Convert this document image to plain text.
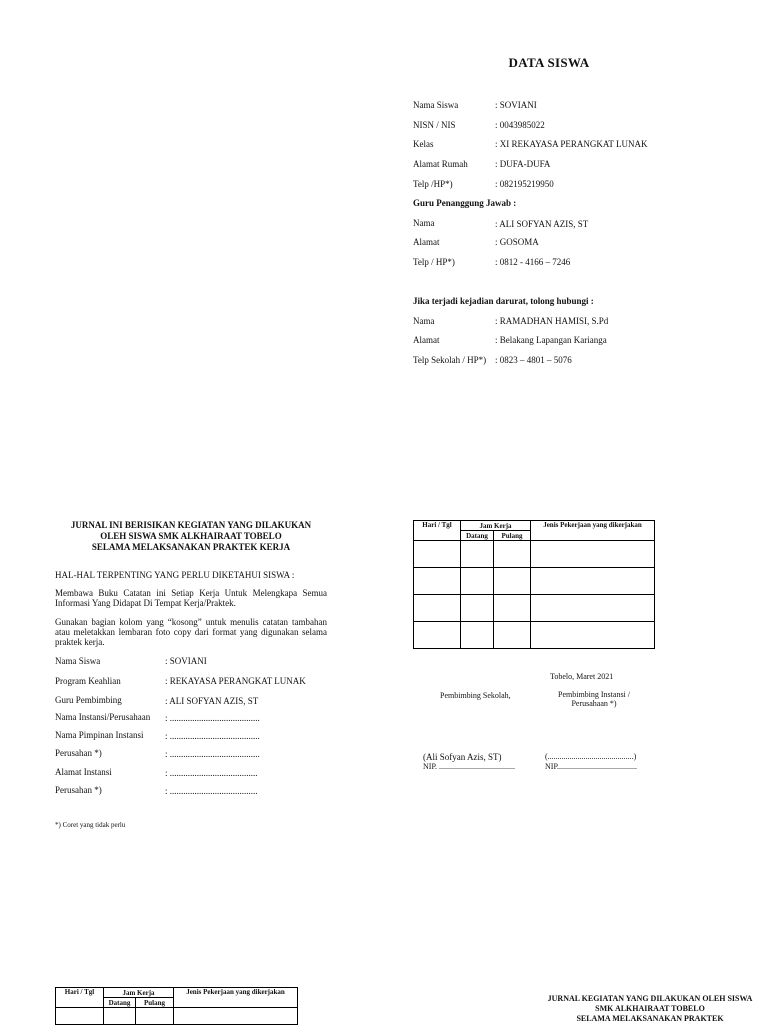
DATA SISWA
Nama Siswa	: SOVIANI
NISN / NIS	: 0043985022
Kelas	: XI REKAYASA PERANGKAT LUNAK
Alamat Rumah	: DUFA-DUFA
Telp /HP*)	: 082195219950
Guru Penanggung Jawab :
Nama	: ALI SOFYAN AZIS, ST
Alamat	: GOSOMA
Telp / HP*)	: 0812 - 4166 – 7246
Jika terjadi kejadian darurat, tolong hubungi :
Nama	: RAMADHAN HAMISI, S.Pd
Alamat	: Belakang Lapangan Karianga
Telp Sekolah / HP*) : 0823 – 4801 – 5076
JURNAL INI BERISIKAN KEGIATAN YANG DILAKUKAN
OLEH SISWA SMK ALKHAIRAAT TOBELO
SELAMA MELAKSANAKAN PRAKTEK KERJA
HAL-HAL TERPENTING YANG PERLU DIKETAHUI SISWA :
Membawa Buku Catatan ini Setiap Kerja Untuk Melengkapa Semua Informasi Yang Didapat Di Tempat Kerja/Praktek.
Gunakan bagian kolom yang “kosong” untuk menulis catatan tambahan atau meletakkan lembaran foto copy dari format yang digunakan selama praktek kerja.
Nama Siswa	: SOVIANI
Program Keahlian	: REKAYASA PERANGKAT LUNAK
Guru Pembimbing	: ALI SOFYAN AZIS, ST
Nama Instansi/Perusahaan : ........................................
Nama Pimpinan Instansi : ........................................
Perusahan *)	: ........................................
Alamat Instansi	: .......................................
Perusahan *)	: .......................................
*) Coret yang tidak perlu
Hari / Tgl	Jam Kerja		Jenis Pekerjaan yang dikerjakan
	Datang	Pulang	

Tobelo, Maret 2021
Pembimbing Sekolah,	Pembimbing Instansi /
Perusahaan *)
(Ali Sofyan Azis, ST)
NIP. ......................................
(...........................................)
NIP........................................
Hari / Tgl	Jam Kerja		Jenis Pekerjaan yang dikerjakan
	Datang	Pulang	
				JURNAL KEGIATAN YANG DILAKUKAN OLEH SISWA
SMK ALKHAIRAAT TOBELO
SELAMA MELAKSANAKAN PRAKTEK
